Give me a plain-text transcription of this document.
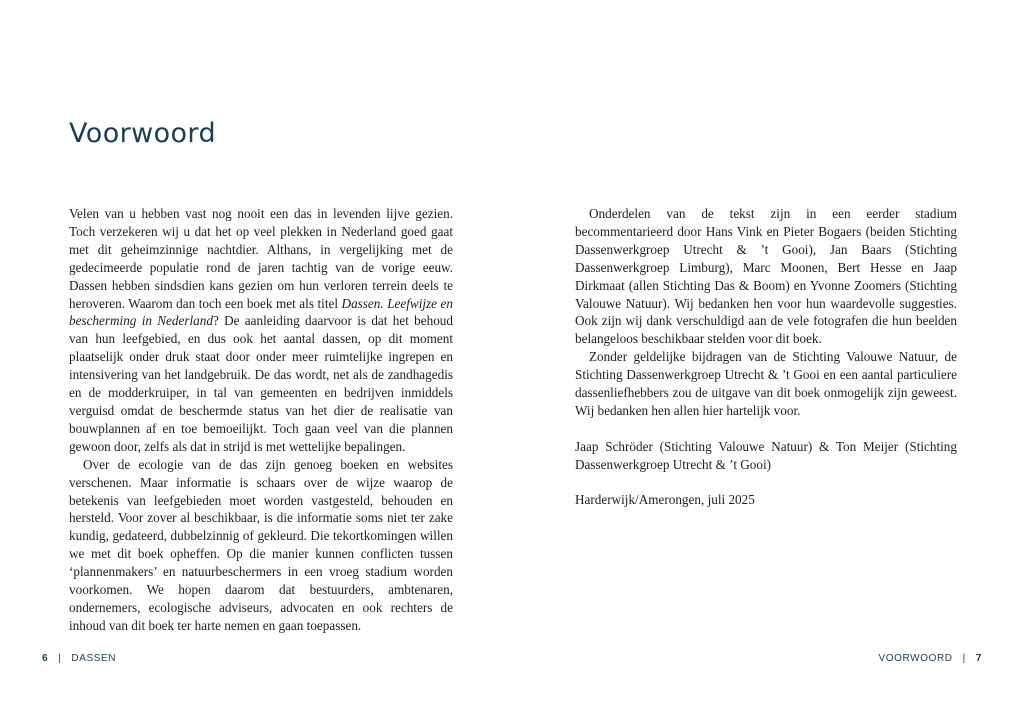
Voorwoord

Velen van u hebben vast nog nooit een das in levenden lijve gezien. Toch verzekeren wij u dat het op veel plekken in Nederland goed gaat met dit geheimzinnige nachtdier. Althans, in vergelijking met de gedecimeerde populatie rond de jaren tachtig van de vorige eeuw. Dassen hebben sindsdien kans gezien om hun verloren terrein deels te heroveren. Waarom dan toch een boek met als titel Dassen. Leefwijze en bescherming in Nederland? De aanleiding daarvoor is dat het behoud van hun leefgebied, en dus ook het aantal dassen, op dit moment plaatselijk onder druk staat door onder meer ruimtelijke ingrepen en intensivering van het landgebruik. De das wordt, net als de zandhagedis en de modderkruiper, in tal van gemeenten en bedrijven inmiddels verguisd omdat de beschermde status van het dier de realisatie van bouwplannen af en toe bemoeilijkt. Toch gaan veel van die plannen gewoon door, zelfs als dat in strijd is met wettelijke bepalingen.

Over de ecologie van de das zijn genoeg boeken en websites verschenen. Maar informatie is schaars over de wijze waarop de betekenis van leefgebieden moet worden vastgesteld, behouden en hersteld. Voor zover al beschikbaar, is die informatie soms niet ter zake kundig, gedateerd, dubbelzinnig of gekleurd. Die tekortkomingen willen we met dit boek opheffen. Op die manier kunnen conflicten tussen ‘plannenmakers’ en natuurbeschermers in een vroeg stadium worden voorkomen. We hopen daarom dat bestuurders, ambtenaren, ondernemers, ecologische adviseurs, advocaten en ook rechters de inhoud van dit boek ter harte nemen en gaan toepassen.

6 | DASSEN

Onderdelen van de tekst zijn in een eerder stadium becommentarieerd door Hans Vink en Pieter Bogaers (beiden Stichting Dassenwerkgroep Utrecht & ’t Gooi), Jan Baars (Stichting Dassenwerkgroep Limburg), Marc Moonen, Bert Hesse en Jaap Dirkmaat (allen Stichting Das & Boom) en Yvonne Zoomers (Stichting Valouwe Natuur). Wij bedanken hen voor hun waardevolle suggesties. Ook zijn wij dank verschuldigd aan de vele fotografen die hun beelden belangeloos beschikbaar stelden voor dit boek.

Zonder geldelijke bijdragen van de Stichting Valouwe Natuur, de Stichting Dassenwerkgroep Utrecht & ’t Gooi en een aantal particuliere dassenliefhebbers zou de uitgave van dit boek onmogelijk zijn geweest. Wij bedanken hen allen hier hartelijk voor.

Jaap Schröder (Stichting Valouwe Natuur) & Ton Meijer (Stichting Dassenwerkgroep Utrecht & ’t Gooi)

Harderwijk/Amerongen, juli 2025

VOORWOORD | 7
